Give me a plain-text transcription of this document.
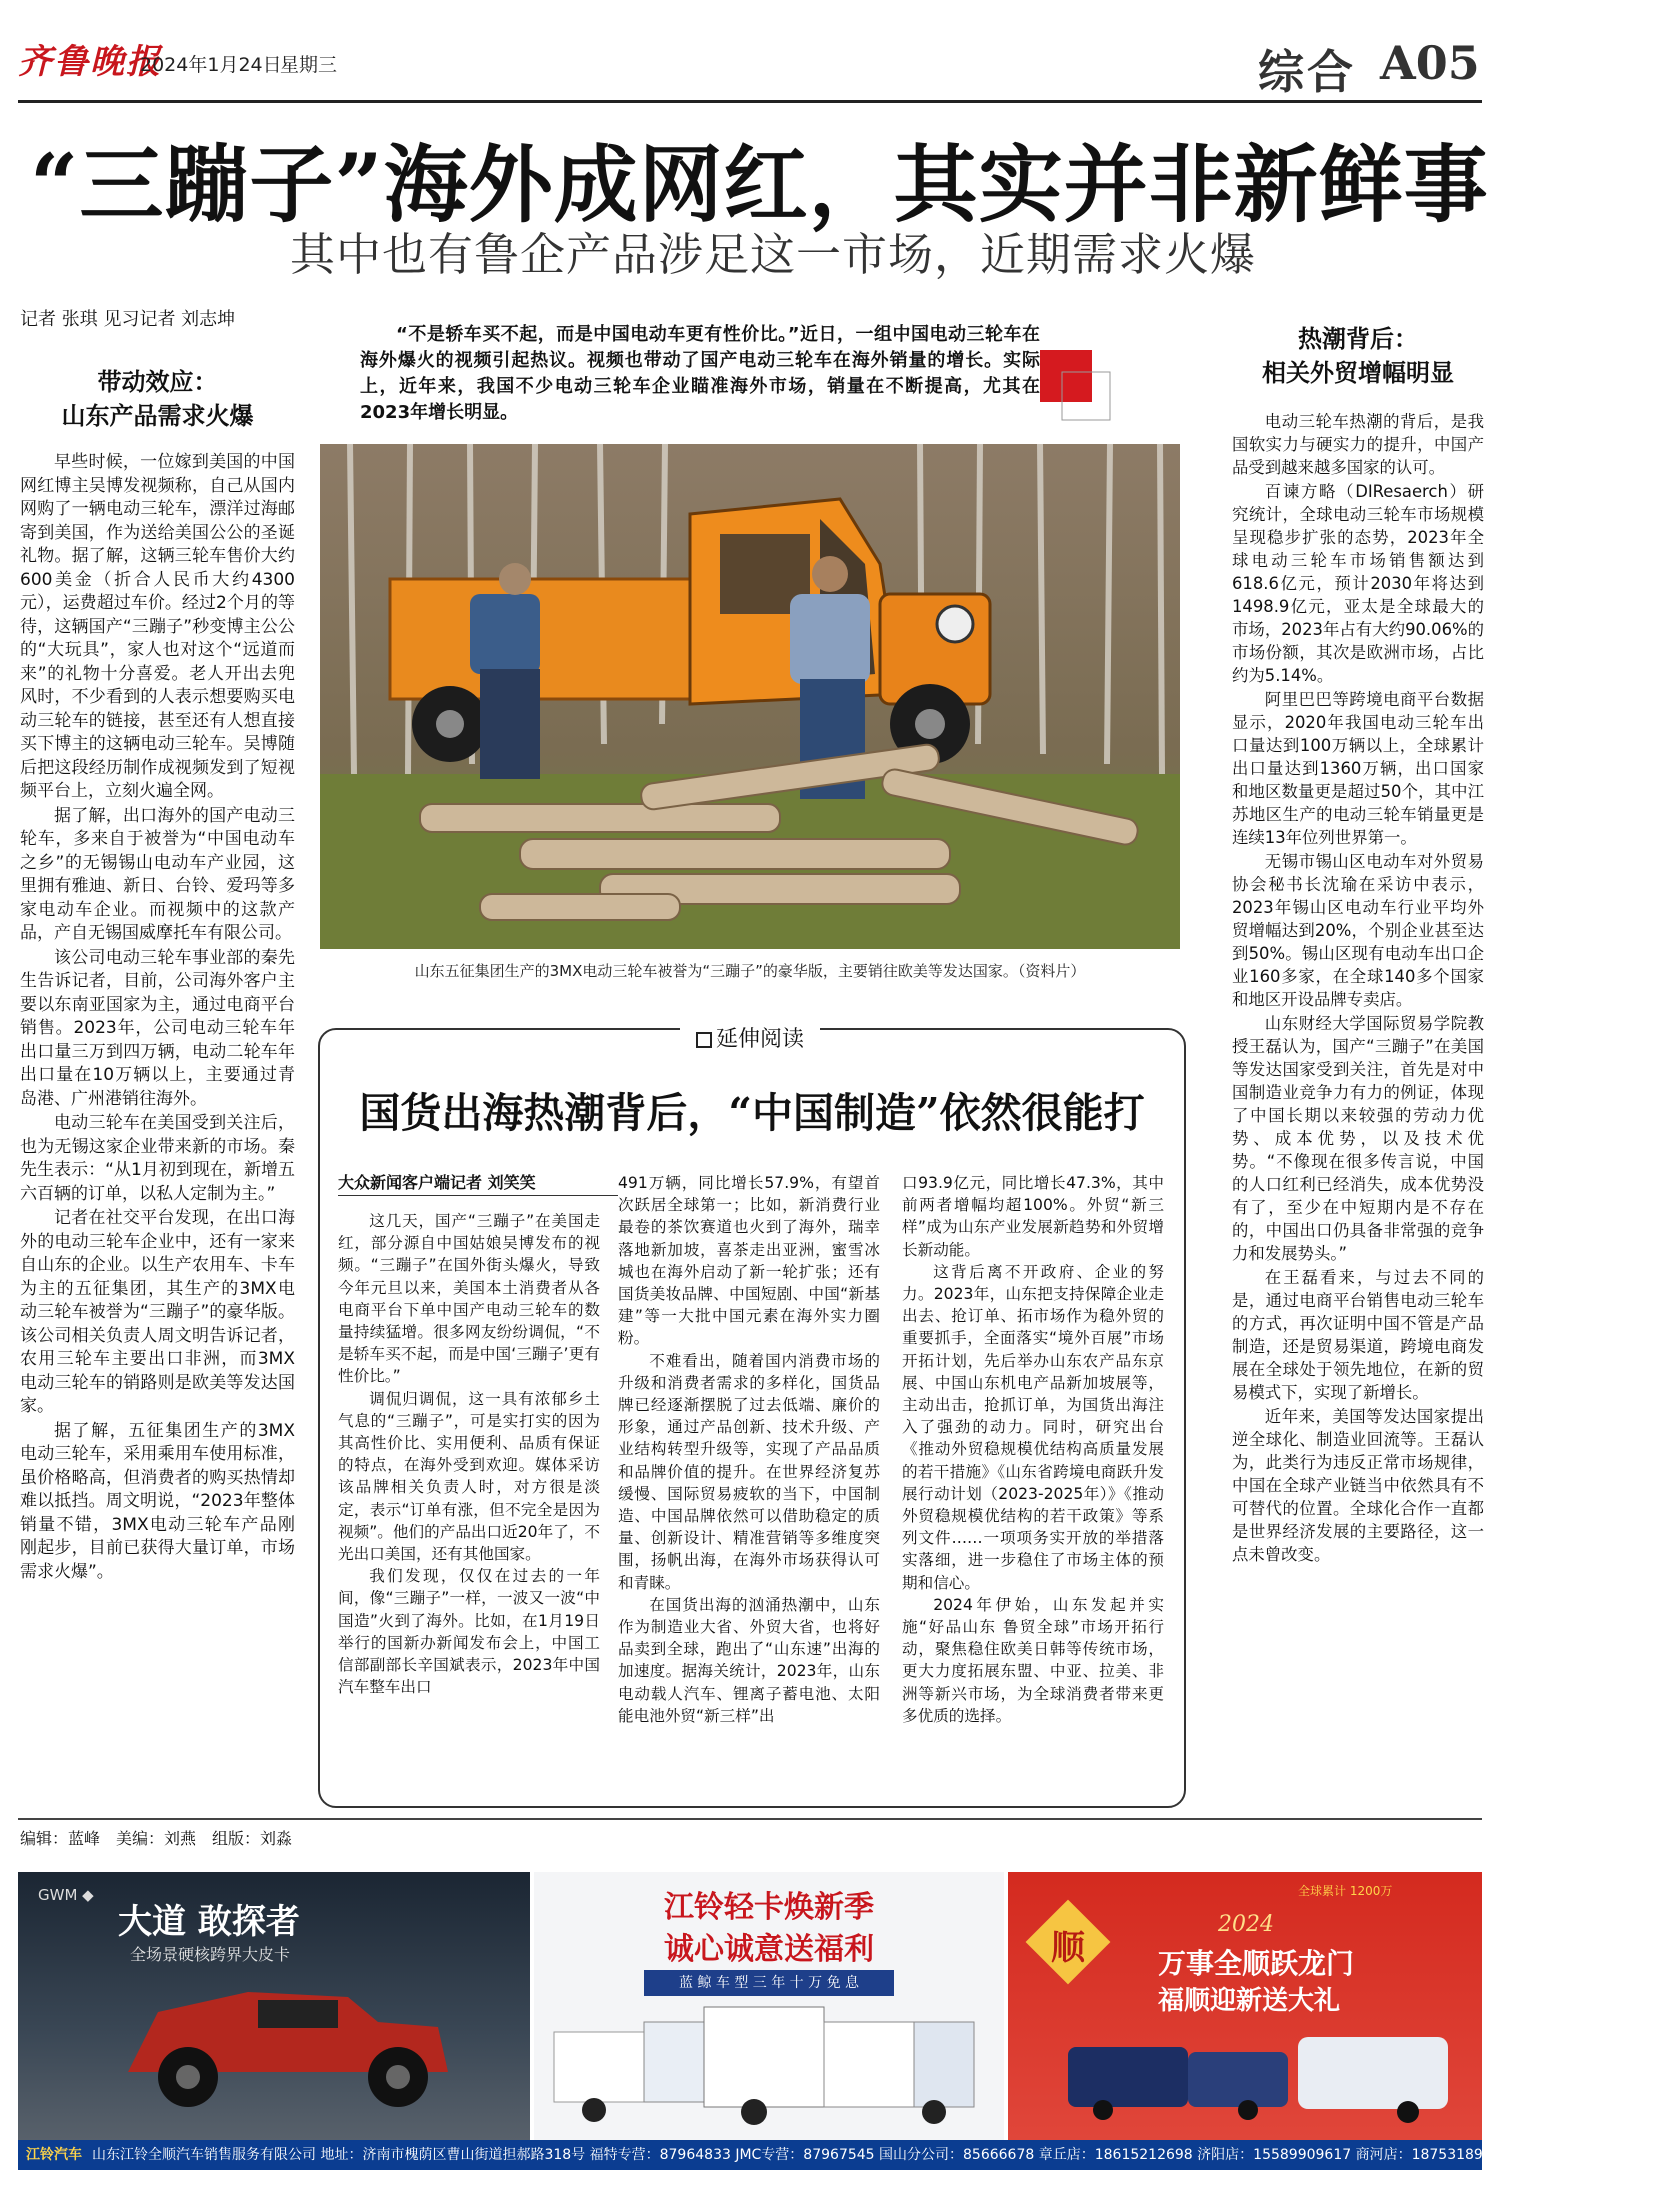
齐鲁晚报
2024年1月24日
星期三	综合 A05
“三蹦子”海外成网红，其实并非新鲜事
其中也有鲁企产品涉足这一市场，近期需求火爆
记者 张琪 见习记者 刘志坤
带动效应：
山东产品需求火爆

早些时候，一位嫁到美国的中国网红博主吴博发视频称，自己从国内网购了一辆电动三轮车，漂洋过海邮寄到美国，作为送给美国公公的圣诞礼物。据了解，这辆三轮车售价大约600美金（折合人民币大约4300元），运费超过车价。经过2个月的等待，这辆国产“三蹦子”秒变博主公公的“大玩具”，家人也对这个“远道而来”的礼物十分喜爱。老人开出去兜风时，不少看到的人表示想要购买电动三轮车的链接，甚至还有人想直接买下博主的这辆电动三轮车。吴博随后把这段经历制作成视频发到了短视频平台上，立刻火遍全网。

据了解，出口海外的国产电动三轮车，多来自于被誉为“中国电动车之乡”的无锡锡山电动车产业园，这里拥有雅迪、新日、台铃、爱玛等多家电动车企业。而视频中的这款产品，产自无锡国威摩托车有限公司。

该公司电动三轮车事业部的秦先生告诉记者，目前，公司海外客户主要以东南亚国家为主，通过电商平台销售。2023年，公司电动三轮车年出口量三万到四万辆，电动二轮车年出口量在10万辆以上，主要通过青岛港、广州港销往海外。

电动三轮车在美国受到关注后，也为无锡这家企业带来新的市场。秦先生表示：“从1月初到现在，新增五六百辆的订单，以私人定制为主。”

记者在社交平台发现，在出口海外的电动三轮车企业中，还有一家来自山东的企业。以生产农用车、卡车为主的五征集团，其生产的3MX电动三轮车被誉为“三蹦子”的豪华版。该公司相关负责人周文明告诉记者，农用三轮车主要出口非洲，而3MX电动三轮车的销路则是欧美等发达国家。

据了解，五征集团生产的3MX电动三轮车，采用乘用车使用标准，虽价格略高，但消费者的购买热情却难以抵挡。周文明说，“2023年整体销量不错，3MX电动三轮车产品刚刚起步，目前已获得大量订单，市场需求火爆”。

“不是轿车买不起，而是中国电动车更有性价比。”近日，一组中国电动三轮车在海外爆火的视频引起热议。视频也带动了国产电动三轮车在海外销量的增长。实际上，近年来，我国不少电动三轮车企业瞄准海外市场，销量在不断提高，尤其在2023年增长明显。

山东五征集团生产的3MX电动三轮车被誉为“三蹦子”的豪华版，主要销往欧美等发达国家。（资料片）
延伸阅读
国货出海热潮背后，“中国制造”依然很能打
大众新闻客户端记者 刘笑笑

这几天，国产“三蹦子”在美国走红，部分源自中国姑娘吴博发布的视频。“三蹦子”在国外街头爆火，导致今年元旦以来，美国本土消费者从各电商平台下单中国产电动三轮车的数量持续猛增。很多网友纷纷调侃，“不是轿车买不起，而是中国‘三蹦子’更有性价比。”

调侃归调侃，这一具有浓郁乡土气息的“三蹦子”，可是实打实的因为其高性价比、实用便利、品质有保证的特点，在海外受到欢迎。媒体采访该品牌相关负责人时，对方很是淡定，表示“订单有涨，但不完全是因为视频”。他们的产品出口近20年了，不光出口美国，还有其他国家。

我们发现，仅仅在过去的一年间，像“三蹦子”一样，一波又一波“中国造”火到了海外。比如，在1月19日举行的国新办新闻发布会上，中国工信部副部长辛国斌表示，2023年中国汽车整车出口

491万辆，同比增长57.9%，有望首次跃居全球第一；比如，新消费行业最卷的茶饮赛道也火到了海外，瑞幸落地新加坡，喜茶走出亚洲，蜜雪冰城也在海外启动了新一轮扩张；还有国货美妆品牌、中国短剧、中国“新基建”等一大批中国元素在海外实力圈粉。

不难看出，随着国内消费市场的升级和消费者需求的多样化，国货品牌已经逐渐摆脱了过去低端、廉价的形象，通过产品创新、技术升级、产业结构转型升级等，实现了产品品质和品牌价值的提升。在世界经济复苏缓慢、国际贸易疲软的当下，中国制造、中国品牌依然可以借助稳定的质量、创新设计、精准营销等多维度突围，扬帆出海，在海外市场获得认可和青睐。

在国货出海的汹涌热潮中，山东作为制造业大省、外贸大省，也将好品卖到全球，跑出了“山东速”出海的加速度。据海关统计，2023年，山东电动载人汽车、锂离子蓄电池、太阳能电池外贸“新三样”出

口93.9亿元，同比增长47.3%，其中前两者增幅均超100%。外贸“新三样”成为山东产业发展新趋势和外贸增长新动能。

这背后离不开政府、企业的努力。2023年，山东把支持保障企业走出去、抢订单、拓市场作为稳外贸的重要抓手，全面落实“境外百展”市场开拓计划，先后举办山东农产品东京展、中国山东机电产品新加坡展等，主动出击，抢抓订单，为国货出海注入了强劲的动力。同时，研究出台《推动外贸稳规模优结构高质量发展的若干措施》《山东省跨境电商跃升发展行动计划（2023-2025年）》《推动外贸稳规模优结构的若干政策》等系列文件……一项项务实开放的举措落实落细，进一步稳住了市场主体的预期和信心。

2024年伊始，山东发起并实施“好品山东 鲁贸全球”市场开拓行动，聚焦稳住欧美日韩等传统市场，更大力度拓展东盟、中亚、拉美、非洲等新兴市场，为全球消费者带来更多优质的选择。

热潮背后：
相关外贸增幅明显

电动三轮车热潮的背后，是我国软实力与硬实力的提升，中国产品受到越来越多国家的认可。

百谏方略（DIResaerch）研究统计，全球电动三轮车市场规模呈现稳步扩张的态势，2023年全球电动三轮车市场销售额达到618.6亿元，预计2030年将达到1498.9亿元，亚太是全球最大的市场，2023年占有大约90.06%的市场份额，其次是欧洲市场，占比约为5.14%。

阿里巴巴等跨境电商平台数据显示，2020年我国电动三轮车出口量达到100万辆以上，全球累计出口量达到1360万辆，出口国家和地区数量更是超过50个，其中江苏地区生产的电动三轮车销量更是连续13年位列世界第一。

无锡市锡山区电动车对外贸易协会秘书长沈瑜在采访中表示，2023年锡山区电动车行业平均外贸增幅达到20%，个别企业甚至达到50%。锡山区现有电动车出口企业160多家，在全球140多个国家和地区开设品牌专卖店。

山东财经大学国际贸易学院教授王磊认为，国产“三蹦子”在美国等发达国家受到关注，首先是对中国制造业竞争力有力的例证，体现了中国长期以来较强的劳动力优势、成本优势，以及技术优势。“不像现在很多传言说，中国的人口红利已经消失，成本优势没有了，至少在中短期内是不存在的，中国出口仍具备非常强的竞争力和发展势头。”

在王磊看来，与过去不同的是，通过电商平台销售电动三轮车的方式，再次证明中国不管是产品制造，还是贸易渠道，跨境电商发展在全球处于领先地位，在新的贸易模式下，实现了新增长。

近年来，美国等发达国家提出逆全球化、制造业回流等。王磊认为，此类行为违反正常市场规律，中国在全球产业链当中依然具有不可替代的位置。全球化合作一直都是世界经济发展的主要路径，这一点未曾改变。

编辑：蓝峰　美编：刘燕　组版：刘淼
GWM ◆
大道 敢探者
全场景硬核跨界大皮卡
江铃轻卡焕新季
诚心诚意送福利
蓝 鲸 车 型 三 年 十 万 免 息
全球累计 1200万
顺
2024
万事全顺跃龙门
福顺迎新送大礼
江铃汽车 山东江铃全顺汽车销售服务有限公司 地址：济南市槐荫区曹山街道担郝路318号 福特专营：87964833 JMC专营：87967545 国山分公司：85666678 章丘店：18615212698 济阳店：15589909617 商河店：18753189391 平阴店：13361035986
